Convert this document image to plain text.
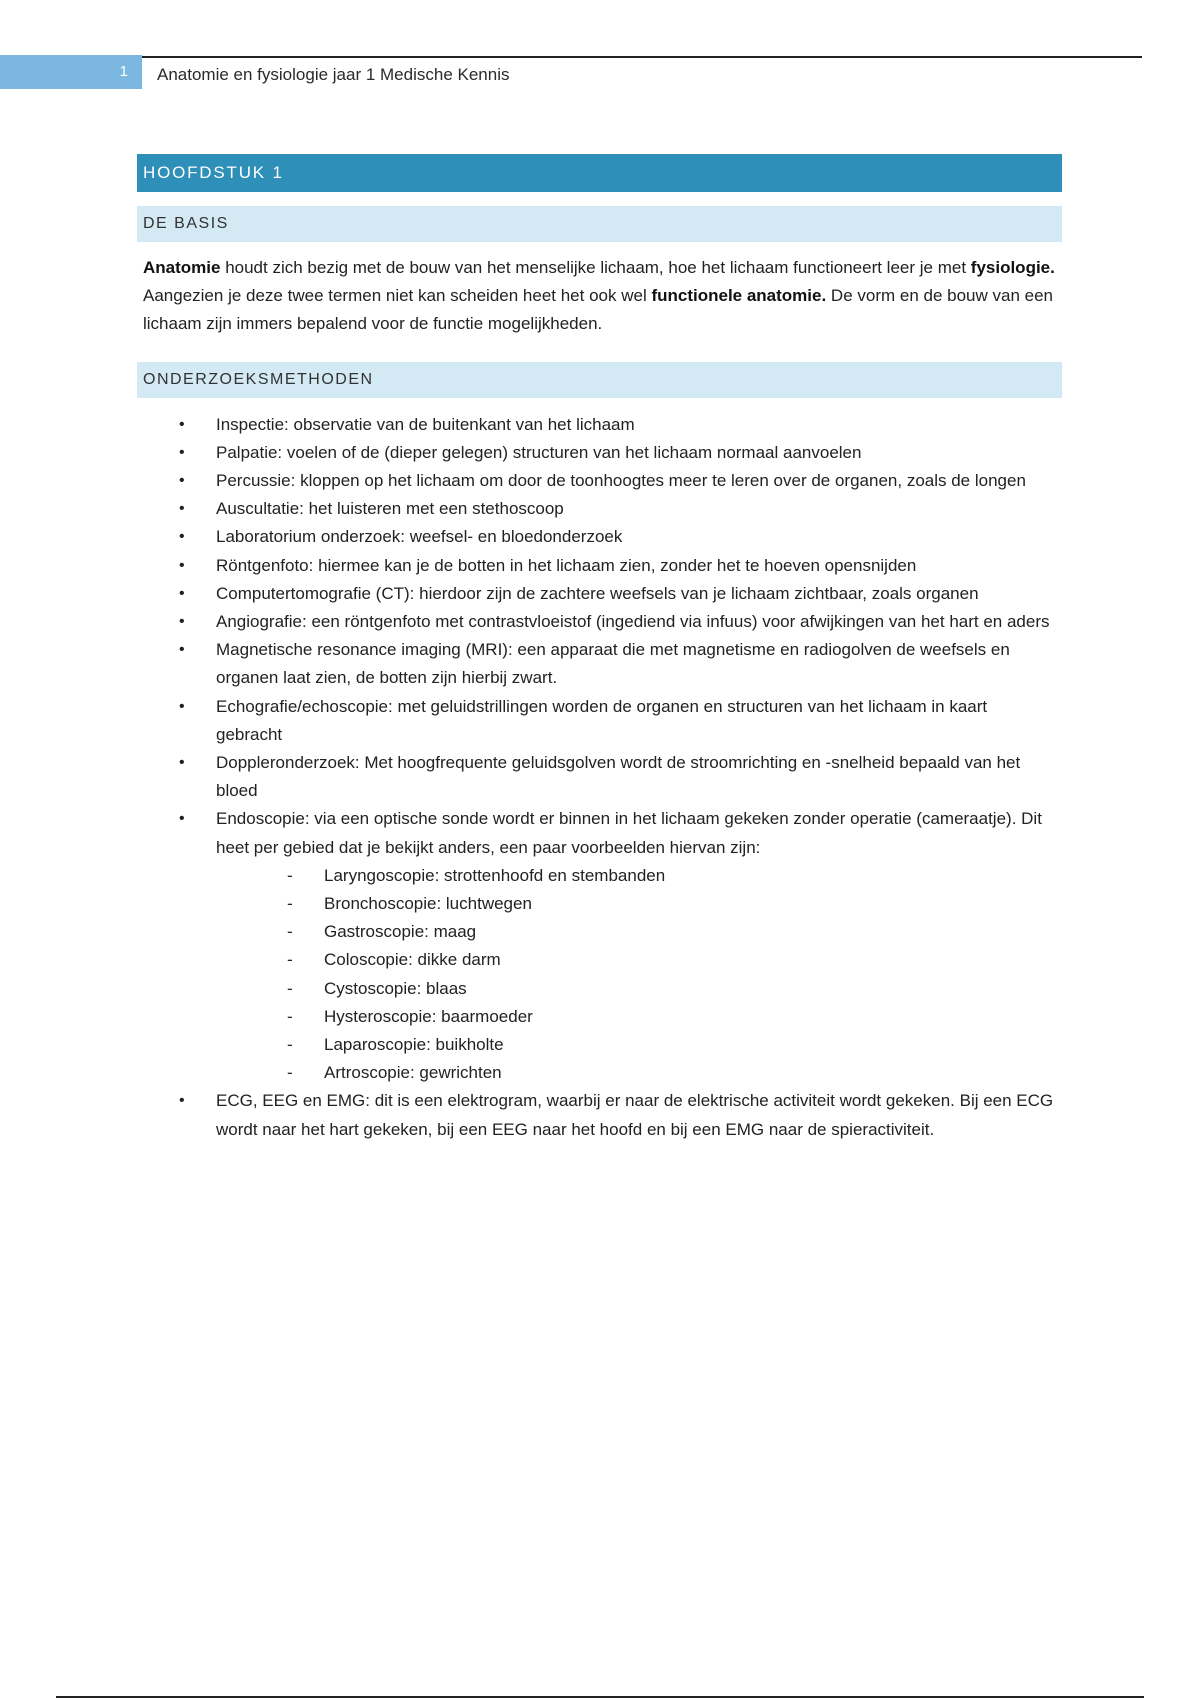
1	Anatomie en fysiologie jaar 1 Medische Kennis
HOOFDSTUK 1
DE BASIS

Anatomie houdt zich bezig met de bouw van het menselijke lichaam, hoe het lichaam functioneert leer je met fysiologie. Aangezien je deze twee termen niet kan scheiden heet het ook wel functionele anatomie. De vorm en de bouw van een lichaam zijn immers bepalend voor de functie mogelijkheden.

ONDERZOEKSMETHODEN
• Inspectie: observatie van de buitenkant van het lichaam
• Palpatie: voelen of de (dieper gelegen) structuren van het lichaam normaal aanvoelen
• Percussie: kloppen op het lichaam om door de toonhoogtes meer te leren over de organen, zoals de longen
• Auscultatie: het luisteren met een stethoscoop
• Laboratorium onderzoek: weefsel- en bloedonderzoek
• Röntgenfoto: hiermee kan je de botten in het lichaam zien, zonder het te hoeven opensnijden
• Computertomografie (CT): hierdoor zijn de zachtere weefsels van je lichaam zichtbaar, zoals organen
• Angiografie: een röntgenfoto met contrastvloeistof (ingediend via infuus) voor afwijkingen van het hart en aders
• Magnetische resonance imaging (MRI): een apparaat die met magnetisme en radiogolven de weefsels en organen laat zien, de botten zijn hierbij zwart.
• Echografie/echoscopie: met geluidstrillingen worden de organen en structuren van het lichaam in kaart gebracht
• Doppleronderzoek: Met hoogfrequente geluidsgolven wordt de stroomrichting en -snelheid bepaald van het bloed
• Endoscopie: via een optische sonde wordt er binnen in het lichaam gekeken zonder operatie (cameraatje). Dit heet per gebied dat je bekijkt anders, een paar voorbeelden hiervan zijn:
- Laryngoscopie: strottenhoofd en stembanden
- Bronchoscopie: luchtwegen
- Gastroscopie: maag
- Coloscopie: dikke darm
- Cystoscopie: blaas
- Hysteroscopie: baarmoeder
- Laparoscopie: buikholte
- Artroscopie: gewrichten
• ECG, EEG en EMG: dit is een elektrogram, waarbij er naar de elektrische activiteit wordt gekeken. Bij een ECG wordt naar het hart gekeken, bij een EEG naar het hoofd en bij een EMG naar de spieractiviteit.
